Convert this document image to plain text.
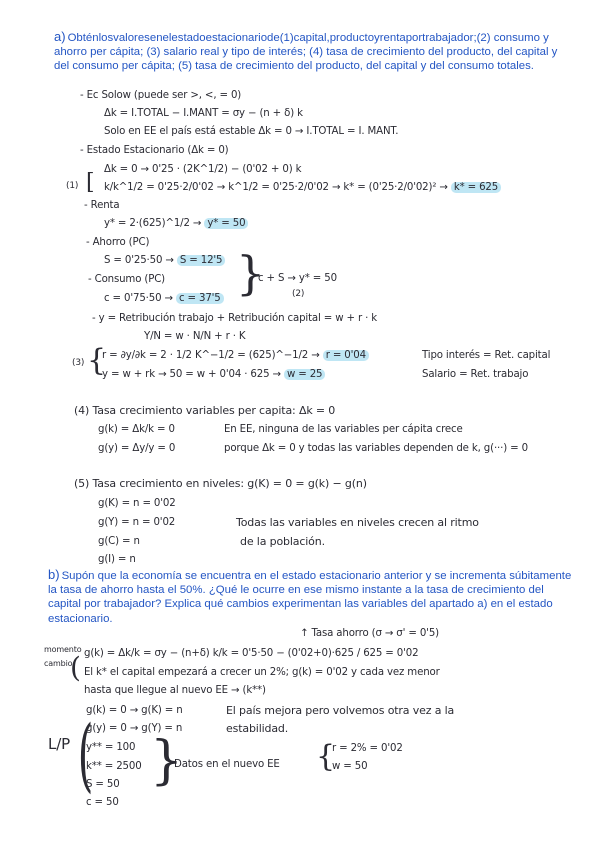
a) Obténlosvaloresenelestadoestacionariode(1)capital,productoyrentaportrabajador;(2) consumo y ahorro per cápita; (3) salario real y tipo de interés; (4) tasa de crecimiento del producto, del capital y del consumo per cápita; (5) tasa de crecimiento del producto, del capital y del consumo totales.
- Ec Solow (puede ser >, <, = 0)
Δk = I.TOTAL − I.MANT = σy − (n + δ) k
Solo en EE el país está estable Δk = 0 → I.TOTAL = I. MANT.
- Estado Estacionario (Δk = 0)
Δk = 0 → 0'25 · (2K^1/2) − (0'02 + 0) k
(1) [ k/k^1/2 = 0'25·2/0'02 → k^1/2 = 0'25·2/0'02 → k* = (0'25·2/0'02)² → k* = 625
- Renta
y* = 2·(625)^1/2 → y* = 50
- Ahorro (PC)
S = 0'25·50 → S = 12'5
- Consumo (PC)
c = 0'75·50 → c = 37'5 }
c + S → y* = 50
(2)
- y = Retribución trabajo + Retribución capital = w + r · k
Y/N = w · N/N + r · K
(3) {
r = ∂y/∂k = 2 · 1/2 K^−1/2 = (625)^−1/2 → r = 0'04	Tipo interés = Ret. capital
y = w + rk → 50 = w + 0'04 · 625 → w = 25	Salario = Ret. trabajo
(4) Tasa crecimiento variables per capita: Δk = 0
g(k) = Δk/k = 0	En EE, ninguna de las variables per cápita crece
g(y) = Δy/y = 0	porque Δk = 0 y todas las variables dependen de k, g(···) = 0
(5) Tasa crecimiento en niveles: g(K) = 0 = g(k) − g(n)
g(K) = n = 0'02
g(Y) = n = 0'02
g(C) = n
g(I) = n
Todas las variables en niveles crecen al ritmo
de la población.
b) Supón que la economía se encuentra en el estado estacionario anterior y se incrementa súbitamente la tasa de ahorro hasta el 50%. ¿Qué le ocurre en ese mismo instante a la tasa de crecimiento del capital por trabajador? Explica qué cambios experimentan las variables del apartado a) en el estado estacionario.
↑ Tasa ahorro (σ → σ' = 0'5)
momento cambio
( g(k) = Δk/k = σy − (n+δ) k/k = 0'5·50 − (0'02+0)·625 / 625 = 0'02
El k* el capital empezará a crecer un 2%; g(k) = 0'02 y cada vez menor
hasta que llegue al nuevo EE → (k**)
L/P (
g(k) = 0 → g(K) = n
g(y) = 0 → g(Y) = n
y** = 100
k** = 2500
S = 50
c = 50
El país mejora pero volvemos otra vez a la
estabilidad.
}
Datos en el nuevo EE {
r = 2% = 0'02
w = 50
